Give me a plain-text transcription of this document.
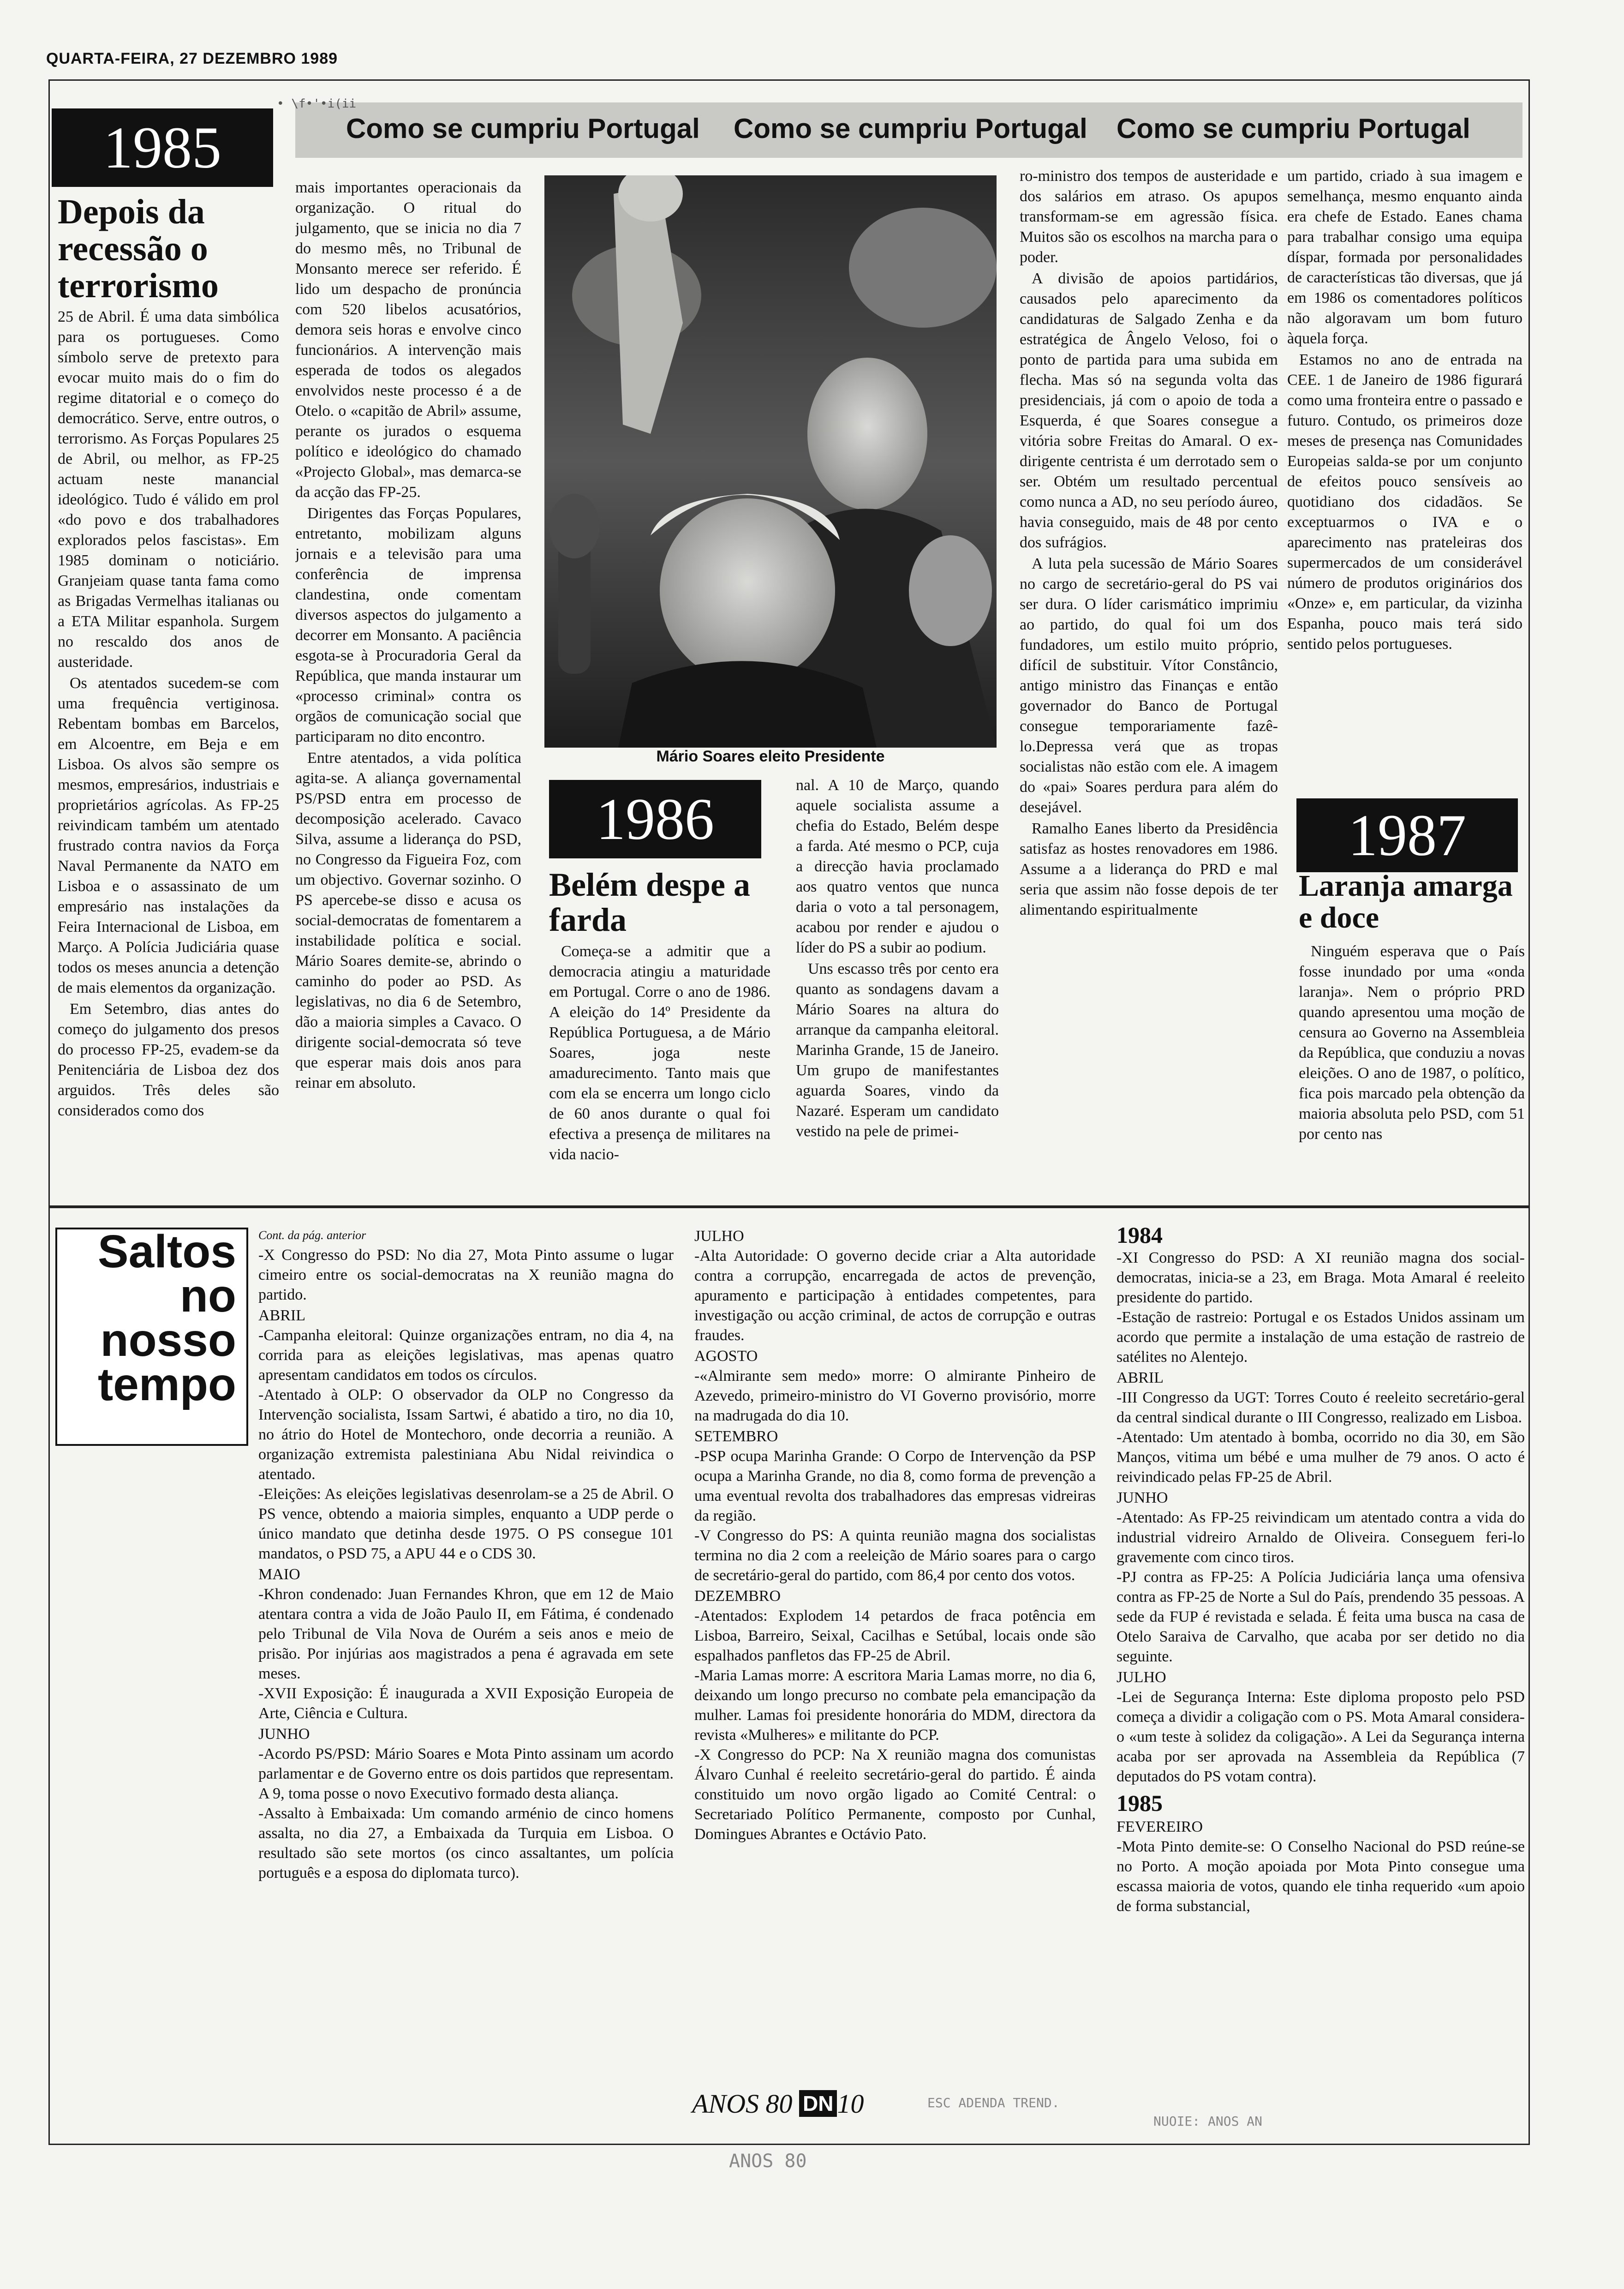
QUARTA-FEIRA, 27 DEZEMBRO 1989
Como se cumpriu Portugal Como se cumpriu Portugal Como se cumpriu Portugal
• \f•'•i(ii
1985
Depois da recessão o terrorismo

25 de Abril. É uma data simbólica para os portugueses. Como símbolo serve de pretexto para evocar muito mais do o fim do regime ditatorial e o começo do democrático. Serve, entre outros, o terrorismo. As Forças Populares 25 de Abril, ou melhor, as FP-25 actuam neste manancial ideológico. Tudo é válido em prol «do povo e dos trabalhadores explorados pelos fascistas». Em 1985 dominam o noticiário. Granjeiam quase tanta fama como as Brigadas Vermelhas italianas ou a ETA Militar espanhola. Surgem no rescaldo dos anos de austeridade.

Os atentados sucedem-se com uma frequência vertiginosa. Rebentam bombas em Barcelos, em Alcoentre, em Beja e em Lisboa. Os alvos são sempre os mesmos, empresários, industriais e proprietários agrícolas. As FP-25 reivindicam também um atentado frustrado contra navios da Força Naval Permanente da NATO em Lisboa e o assassinato de um empresário nas instalações da Feira Internacional de Lisboa, em Março. A Polícia Judiciária quase todos os meses anuncia a detenção de mais elementos da organização.

Em Setembro, dias antes do começo do julgamento dos presos do processo FP-25, evadem-se da Penitenciária de Lisboa dez dos arguidos. Três deles são considerados como dos

mais importantes operacionais da organização. O ritual do julgamento, que se inicia no dia 7 do mesmo mês, no Tribunal de Monsanto merece ser referido. É lido um despacho de pronúncia com 520 libelos acusatórios, demora seis horas e envolve cinco funcionários. A intervenção mais esperada de todos os alegados envolvidos neste processo é a de Otelo. o «capitão de Abril» assume, perante os jurados o esquema político e ideológico do chamado «Projecto Global», mas demarca-se da acção das FP-25.

Dirigentes das Forças Populares, entretanto, mobilizam alguns jornais e a televisão para uma conferência de imprensa clandestina, onde comentam diversos aspectos do julgamento a decorrer em Monsanto. A paciência esgota-se à Procuradoria Geral da República, que manda instaurar um «processo criminal» contra os orgãos de comunicação social que participaram no dito encontro.

Entre atentados, a vida política agita-se. A aliança governamental PS/PSD entra em processo de decomposição acelerado. Cavaco Silva, assume a liderança do PSD, no Congresso da Figueira Foz, com um objectivo. Governar sozinho. O PS apercebe-se disso e acusa os social-democratas de fomentarem a instabilidade política e social. Mário Soares demite-se, abrindo o caminho do poder ao PSD. As legislativas, no dia 6 de Setembro, dão a maioria simples a Cavaco. O dirigente social-democrata só teve que esperar mais dois anos para reinar em absoluto.

Mário Soares eleito Presidente
1986
Belém despe a farda

Começa-se a admitir que a democracia atingiu a maturidade em Portugal. Corre o ano de 1986. A eleição do 14º Presidente da República Portuguesa, a de Mário Soares, joga neste amadurecimento. Tanto mais que com ela se encerra um longo ciclo de 60 anos durante o qual foi efectiva a presença de militares na vida nacio-

nal. A 10 de Março, quando aquele socialista assume a chefia do Estado, Belém despe a farda. Até mesmo o PCP, cuja a direcção havia proclamado aos quatro ventos que nunca daria o voto a tal personagem, acabou por render e ajudou o líder do PS a subir ao podium.

Uns escasso três por cento era quanto as sondagens davam a Mário Soares na altura do arranque da campanha eleitoral. Marinha Grande, 15 de Janeiro. Um grupo de manifestantes aguarda Soares, vindo da Nazaré. Esperam um candidato vestido na pele de primei-

ro-ministro dos tempos de austeridade e dos salários em atraso. Os apupos transformam-se em agressão física. Muitos são os escolhos na marcha para o poder.

A divisão de apoios partidários, causados pelo aparecimento da candidaturas de Salgado Zenha e da estratégica de Ângelo Veloso, foi o ponto de partida para uma subida em flecha. Mas só na segunda volta das presidenciais, já com o apoio de toda a Esquerda, é que Soares consegue a vitória sobre Freitas do Amaral. O ex-dirigente centrista é um derrotado sem o ser. Obtém um resultado percentual como nunca a AD, no seu período áureo, havia conseguido, mais de 48 por cento dos sufrágios.

A luta pela sucessão de Mário Soares no cargo de secretário-geral do PS vai ser dura. O líder carismático imprimiu ao partido, do qual foi um dos fundadores, um estilo muito próprio, difícil de substituir. Vítor Constâncio, antigo ministro das Finanças e então governador do Banco de Portugal consegue temporariamente fazê-lo.Depressa verá que as tropas socialistas não estão com ele. A imagem do «pai» Soares perdura para além do desejável.

Ramalho Eanes liberto da Presidência satisfaz as hostes renovadores em 1986. Assume a a liderança do PRD e mal seria que assim não fosse depois de ter alimentando espiritualmente

um partido, criado à sua imagem e semelhança, mesmo enquanto ainda era chefe de Estado. Eanes chama para trabalhar consigo uma equipa díspar, formada por personalidades de características tão diversas, que já em 1986 os comentadores políticos não algoravam um bom futuro àquela força.

Estamos no ano de entrada na CEE. 1 de Janeiro de 1986 figurará como uma fronteira entre o passado e futuro. Contudo, os primeiros doze meses de presença nas Comunidades Europeias salda-se por um conjunto de efeitos pouco sensíveis ao quotidiano dos cidadãos. Se exceptuarmos o IVA e o aparecimento nas prateleiras dos supermercados de um considerável número de produtos originários dos «Onze» e, em particular, da vizinha Espanha, pouco mais terá sido sentido pelos portugueses.

1987
Laranja amarga e doce

Ninguém esperava que o País fosse inundado por uma «onda laranja». Nem o próprio PRD quando apresentou uma moção de censura ao Governo na Assembleia da República, que conduziu a novas eleições. O ano de 1987, o político, fica pois marcado pela obtenção da maioria absoluta pelo PSD, com 51 por cento nas

Saltos
no
nosso
tempo

Cont. da pág. anterior

-X Congresso do PSD: No dia 27, Mota Pinto assume o lugar cimeiro entre os social-democratas na X reunião magna do partido.

ABRIL

-Campanha eleitoral: Quinze organizações entram, no dia 4, na corrida para as eleições legislativas, mas apenas quatro apresentam candidatos em todos os círculos.

-Atentado à OLP: O observador da OLP no Congresso da Intervenção socialista, Issam Sartwi, é abatido a tiro, no dia 10, no átrio do Hotel de Montechoro, onde decorria a reunião. A organização extremista palestiniana Abu Nidal reivindica o atentado.

-Eleições: As eleições legislativas desenrolam-se a 25 de Abril. O PS vence, obtendo a maioria simples, enquanto a UDP perde o único mandato que detinha desde 1975. O PS consegue 101 mandatos, o PSD 75, a APU 44 e o CDS 30.

MAIO

-Khron condenado: Juan Fernandes Khron, que em 12 de Maio atentara contra a vida de João Paulo II, em Fátima, é condenado pelo Tribunal de Vila Nova de Ourém a seis anos e meio de prisão. Por injúrias aos magistrados a pena é agravada em sete meses.

-XVII Exposição: É inaugurada a XVII Exposição Europeia de Arte, Ciência e Cultura.

JUNHO

-Acordo PS/PSD: Mário Soares e Mota Pinto assinam um acordo parlamentar e de Governo entre os dois partidos que representam. A 9, toma posse o novo Executivo formado desta aliança.

-Assalto à Embaixada: Um comando arménio de cinco homens assalta, no dia 27, a Embaixada da Turquia em Lisboa. O resultado são sete mortos (os cinco assaltantes, um polícia português e a esposa do diplomata turco).

JULHO

-Alta Autoridade: O governo decide criar a Alta autoridade contra a corrupção, encarregada de actos de prevenção, apuramento e participação à entidades competentes, para investigação ou acção criminal, de actos de corrupção e outras fraudes.

AGOSTO

-«Almirante sem medo» morre: O almirante Pinheiro de Azevedo, primeiro-ministro do VI Governo provisório, morre na madrugada do dia 10.

SETEMBRO

-PSP ocupa Marinha Grande: O Corpo de Intervenção da PSP ocupa a Marinha Grande, no dia 8, como forma de prevenção a uma eventual revolta dos trabalhadores das empresas vidreiras da região.

-V Congresso do PS: A quinta reunião magna dos socialistas termina no dia 2 com a reeleição de Mário soares para o cargo de secretário-geral do partido, com 86,4 por cento dos votos.

DEZEMBRO

-Atentados: Explodem 14 petardos de fraca potência em Lisboa, Barreiro, Seixal, Cacilhas e Setúbal, locais onde são espalhados panfletos das FP-25 de Abril.

-Maria Lamas morre: A escritora Maria Lamas morre, no dia 6, deixando um longo precurso no combate pela emancipação da mulher. Lamas foi presidente honorária do MDM, directora da revista «Mulheres» e militante do PCP.

-X Congresso do PCP: Na X reunião magna dos comunistas Álvaro Cunhal é reeleito secretário-geral do partido. É ainda constituido um novo orgão ligado ao Comité Central: o Secretariado Político Permanente, composto por Cunhal, Domingues Abrantes e Octávio Pato.

1984

-XI Congresso do PSD: A XI reunião magna dos social-democratas, inicia-se a 23, em Braga. Mota Amaral é reeleito presidente do partido.

-Estação de rastreio: Portugal e os Estados Unidos assinam um acordo que permite a instalação de uma estação de rastreio de satélites no Alentejo.

ABRIL

-III Congresso da UGT: Torres Couto é reeleito secretário-geral da central sindical durante o III Congresso, realizado em Lisboa.

-Atentado: Um atentado à bomba, ocorrido no dia 30, em São Manços, vitima um bébé e uma mulher de 79 anos. O acto é reivindicado pelas FP-25 de Abril.

JUNHO

-Atentado: As FP-25 reivindicam um atentado contra a vida do industrial vidreiro Arnaldo de Oliveira. Conseguem feri-lo gravemente com cinco tiros.

-PJ contra as FP-25: A Polícia Judiciária lança uma ofensiva contra as FP-25 de Norte a Sul do País, prendendo 35 pessoas. A sede da FUP é revistada e selada. É feita uma busca na casa de Otelo Saraiva de Carvalho, que acaba por ser detido no dia seguinte.

JULHO

-Lei de Segurança Interna: Este diploma proposto pelo PSD começa a dividir a coligação com o PS. Mota Amaral considera-o «um teste à solidez da coligação». A Lei da Segurança interna acaba por ser aprovada na Assembleia da República (7 deputados do PS votam contra).

1985

FEVEREIRO

-Mota Pinto demite-se: O Conselho Nacional do PSD reúne-se no Porto. A moção apoiada por Mota Pinto consegue uma escassa maioria de votos, quando ele tinha requerido «um apoio de forma substancial,

ANOS 80 DN 10	ESC ADENDA TREND.
NUOIE: ANOS AN
ANOS 80
